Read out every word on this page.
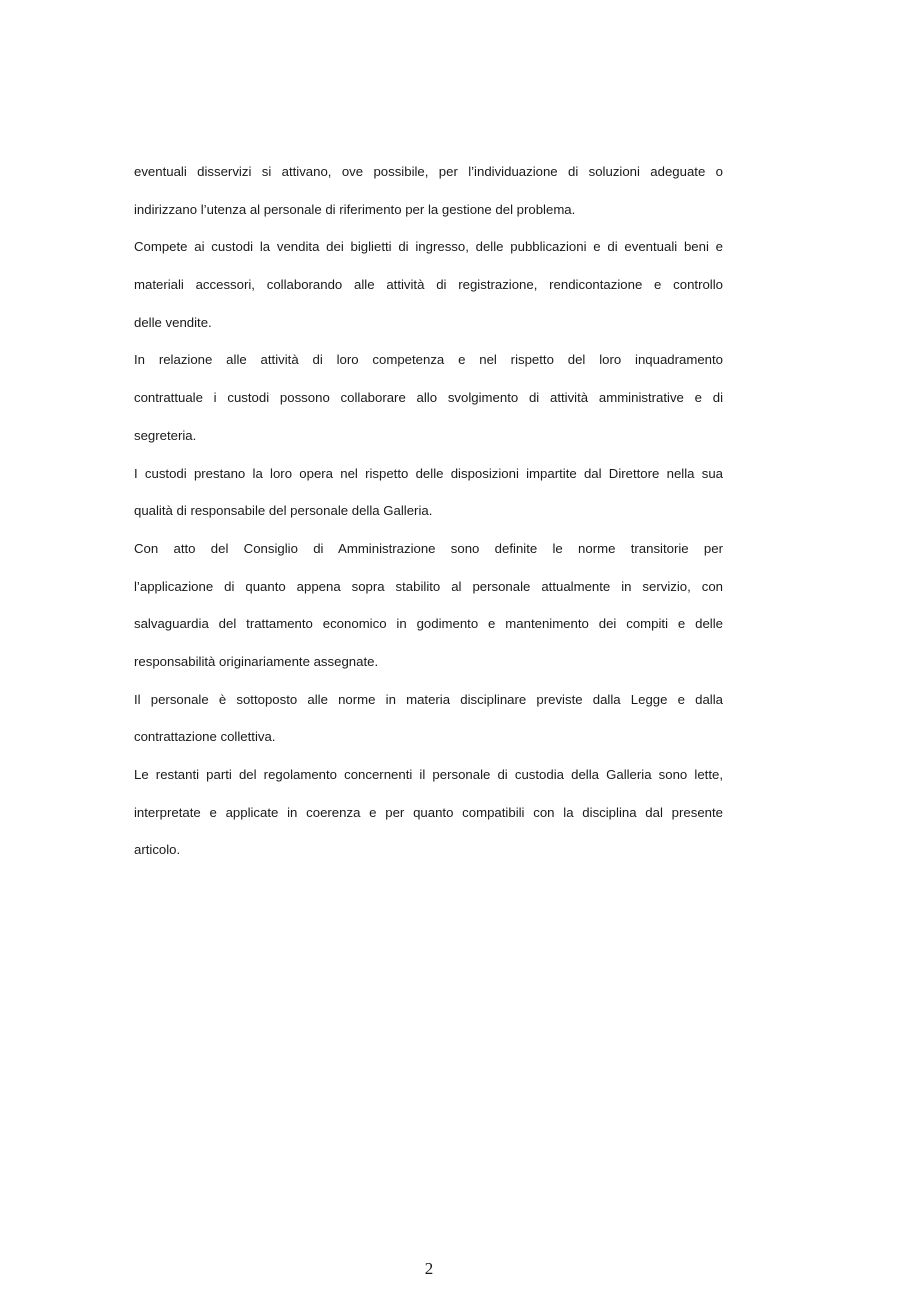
eventuali disservizi si attivano, ove possibile, per l’individuazione di soluzioni adeguate o
indirizzano l’utenza al personale di riferimento per la gestione del problema.

Compete ai custodi la vendita dei biglietti di ingresso, delle pubblicazioni e di eventuali beni e
materiali accessori, collaborando alle attività di registrazione, rendicontazione e controllo
delle vendite.

In relazione alle attività di loro competenza e nel rispetto del loro inquadramento
contrattuale i custodi possono collaborare allo svolgimento di attività amministrative e di
segreteria.

I custodi prestano la loro opera nel rispetto delle disposizioni impartite dal Direttore nella sua
qualità di responsabile del personale della Galleria.

Con atto del Consiglio di Amministrazione sono definite le norme transitorie per
l’applicazione di quanto appena sopra stabilito al personale attualmente in servizio, con
salvaguardia del trattamento economico in godimento e mantenimento dei compiti e delle
responsabilità originariamente assegnate.

Il personale è sottoposto alle norme in materia disciplinare previste dalla Legge e dalla
contrattazione collettiva.

Le restanti parti del regolamento concernenti il personale di custodia della Galleria sono lette,
interpretate e applicate in coerenza e per quanto compatibili con la disciplina dal presente
articolo.

2
